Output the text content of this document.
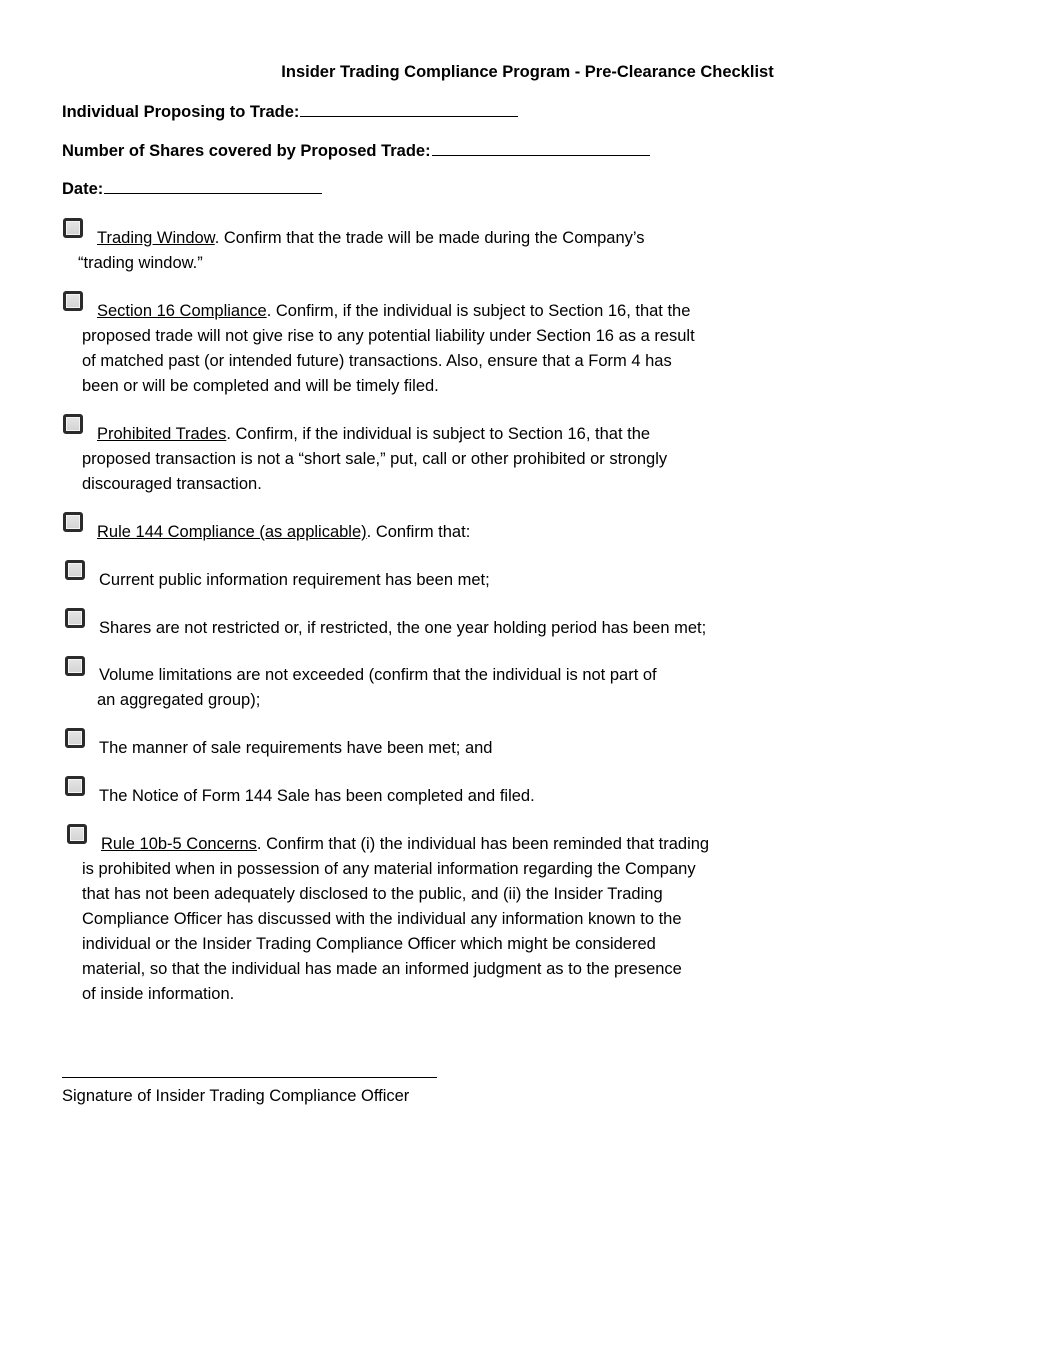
Insider Trading Compliance Program - Pre-Clearance Checklist
Individual Proposing to Trade:
Number of Shares covered by Proposed Trade:
Date:
Trading Window. Confirm that the trade will be made during the Company’s
“trading window.”
Section 16 Compliance. Confirm, if the individual is subject to Section 16, that the
proposed trade will not give rise to any potential liability under Section 16 as a result
of matched past (or intended future) transactions. Also, ensure that a Form 4 has
been or will be completed and will be timely filed.
Prohibited Trades. Confirm, if the individual is subject to Section 16, that the
proposed transaction is not a “short sale,” put, call or other prohibited or strongly
discouraged transaction.
Rule 144 Compliance (as applicable). Confirm that:
Current public information requirement has been met;
Shares are not restricted or, if restricted, the one year holding period has been met;
Volume limitations are not exceeded (confirm that the individual is not part of
an aggregated group);
The manner of sale requirements have been met; and
The Notice of Form 144 Sale has been completed and filed.
Rule 10b-5 Concerns. Confirm that (i) the individual has been reminded that trading
is prohibited when in possession of any material information regarding the Company
that has not been adequately disclosed to the public, and (ii) the Insider Trading
Compliance Officer has discussed with the individual any information known to the
individual or the Insider Trading Compliance Officer which might be considered
material, so that the individual has made an informed judgment as to the presence
of inside information.
Signature of Insider Trading Compliance Officer
